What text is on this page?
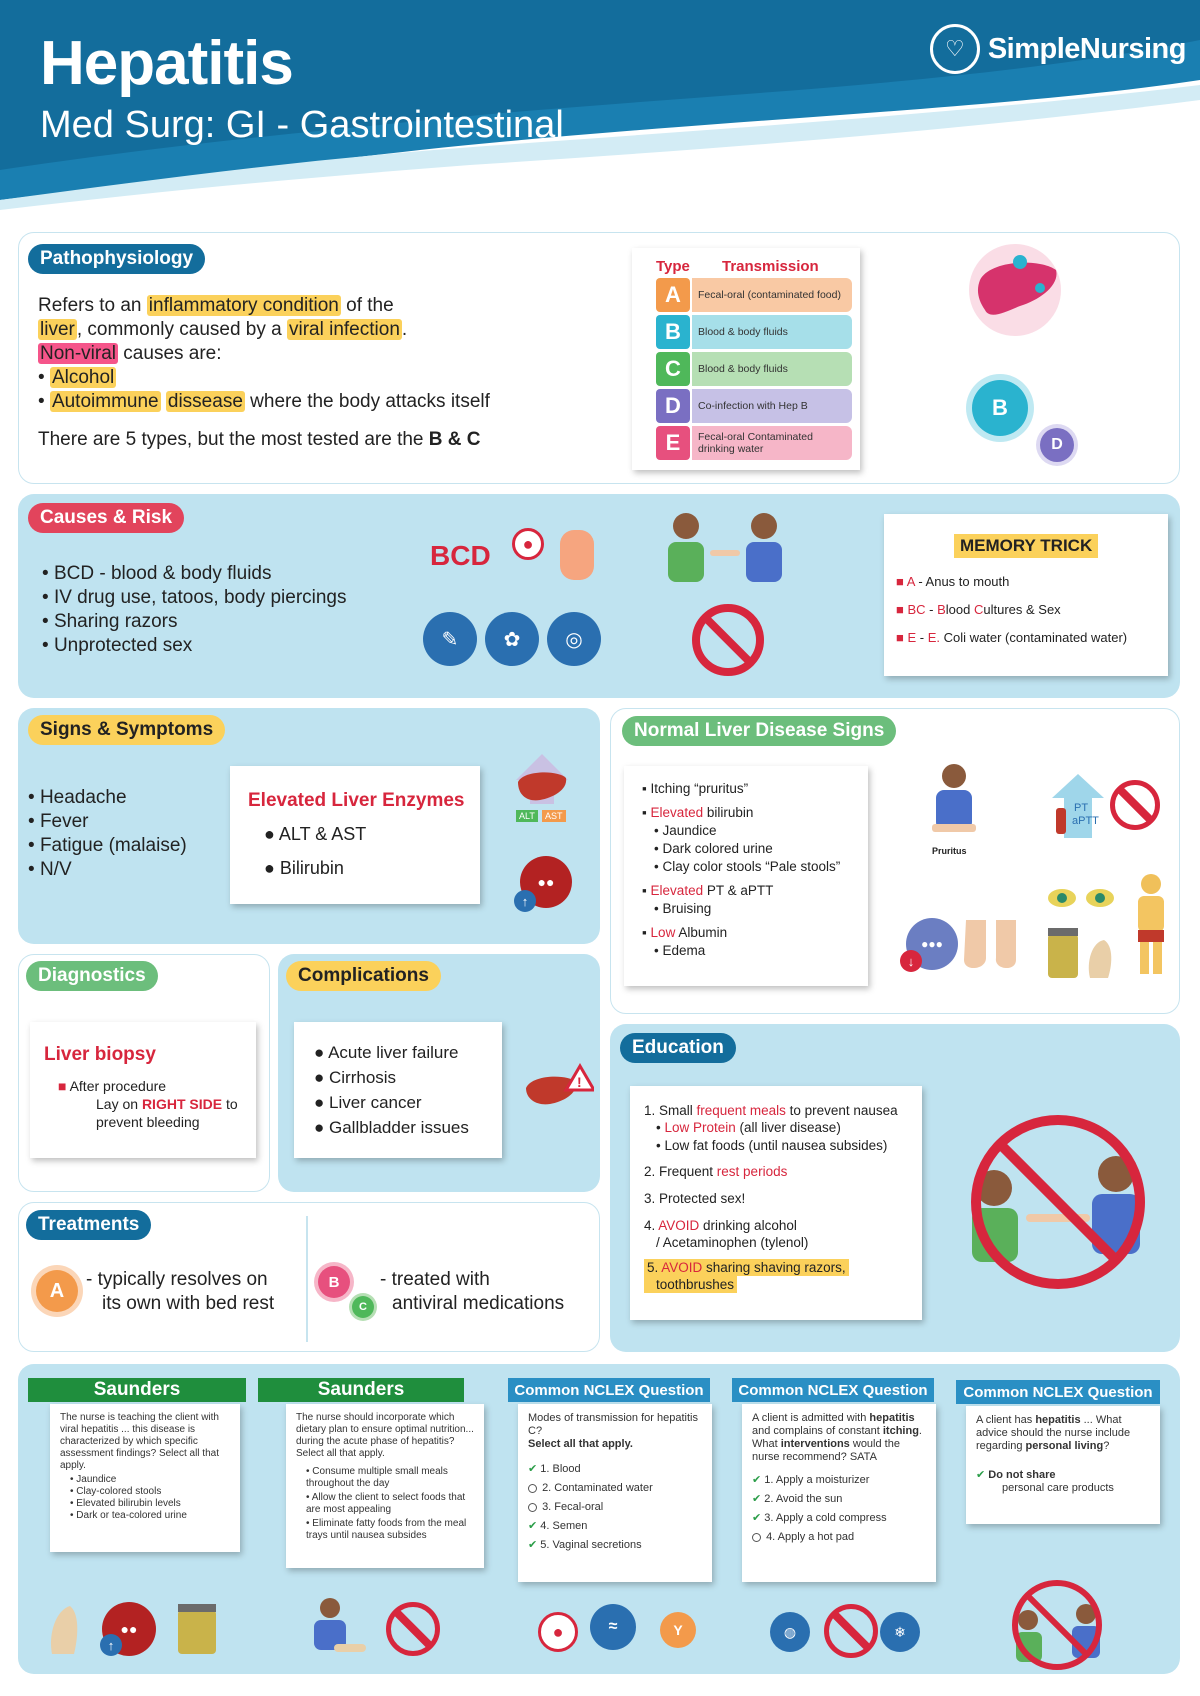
Hepatitis
Med Surg: GI - Gastrointestinal
♡ SimpleNursing
Pathophysiology
Refers to an inflammatory condition of the
liver , commonly caused by a viral infection .
Non-viral causes are:
• Alcohol
• Autoimmune dissease where the body attacks itself
There are 5 types, but the most tested are the B & C
Type Transmission
A	Fecal-oral (contaminated food)
B	Blood & body fluids
C	Blood & body fluids
D	Co-infection with Hep B
E	Fecal-oral Contaminated drinking water
B
D
Causes & Risk
• BCD - blood & body fluids
• IV drug use, tatoos, body piercings
• Sharing razors
• Unprotected sex
BCD ●
✎ ✿ ◎
MEMORY TRICK
■ A - Anus to mouth
■ BC - Blood Cultures & Sex
■ E - E. Coli water (contaminated water)
Signs & Symptoms
• Headache
• Fever
• Fatigue (malaise)
• N/V
Elevated Liver Enzymes
● ALT & AST
● Bilirubin
ALT	AST
●●
↑
Normal Liver Disease Signs
▪ Itching “pruritus”
▪ Elevated bilirubin
• Jaundice
• Dark colored urine
• Clay color stools “Pale stools”
▪ Elevated PT & aPTT
• Bruising
▪ Low Albumin
• Edema
Pruritus
PT
aPTT
●●●
↓
Diagnostics
Liver biopsy
■ After procedure
Lay on RIGHT SIDE to
prevent bleeding
Complications
● Acute liver failure
● Cirrhosis
● Liver cancer
● Gallbladder issues
!
Education
1. Small frequent meals to prevent nausea
• Low Protein (all liver disease)
• Low fat foods (until nausea subsides)
2. Frequent rest periods
3. Protected sex!
4. AVOID drinking alcohol
/ Acetaminophen (tylenol)
5. AVOID sharing shaving razors, toothbrushes
Treatments
A	- typically resolves on
its own with bed rest
B
C
- treated with
antiviral medications
Saunders
The nurse is teaching the client with viral hepatitis ... this disease is characterized by which specific assessment findings? Select all that apply.
• Jaundice
• Clay-colored stools
• Elevated bilirubin levels
• Dark or tea-colored urine
Saunders
The nurse should incorporate which dietary plan to ensure optimal nutrition... during the acute phase of hepatitis? Select all that apply.
• Consume multiple small meals throughout the day
• Allow the client to select foods that are most appealing
• Eliminate fatty foods from the meal trays until nausea subsides
Common NCLEX Question
Modes of transmission for hepatitis C?
Select all that apply.
✔ 1. Blood
2. Contaminated water
3. Fecal-oral
✔ 4. Semen
✔ 5. Vaginal secretions
Common NCLEX Question
A client is admitted with hepatitis and complains of constant itching. What interventions would the nurse recommend? SATA
✔ 1. Apply a moisturizer
✔ 2. Avoid the sun
✔ 3. Apply a cold compress
4. Apply a hot pad
Common NCLEX Question
A client has hepatitis ... What advice should the nurse include regarding personal living?
✔ Do not share
personal care products
●●
↑
●	≈	Y	◍	❄
